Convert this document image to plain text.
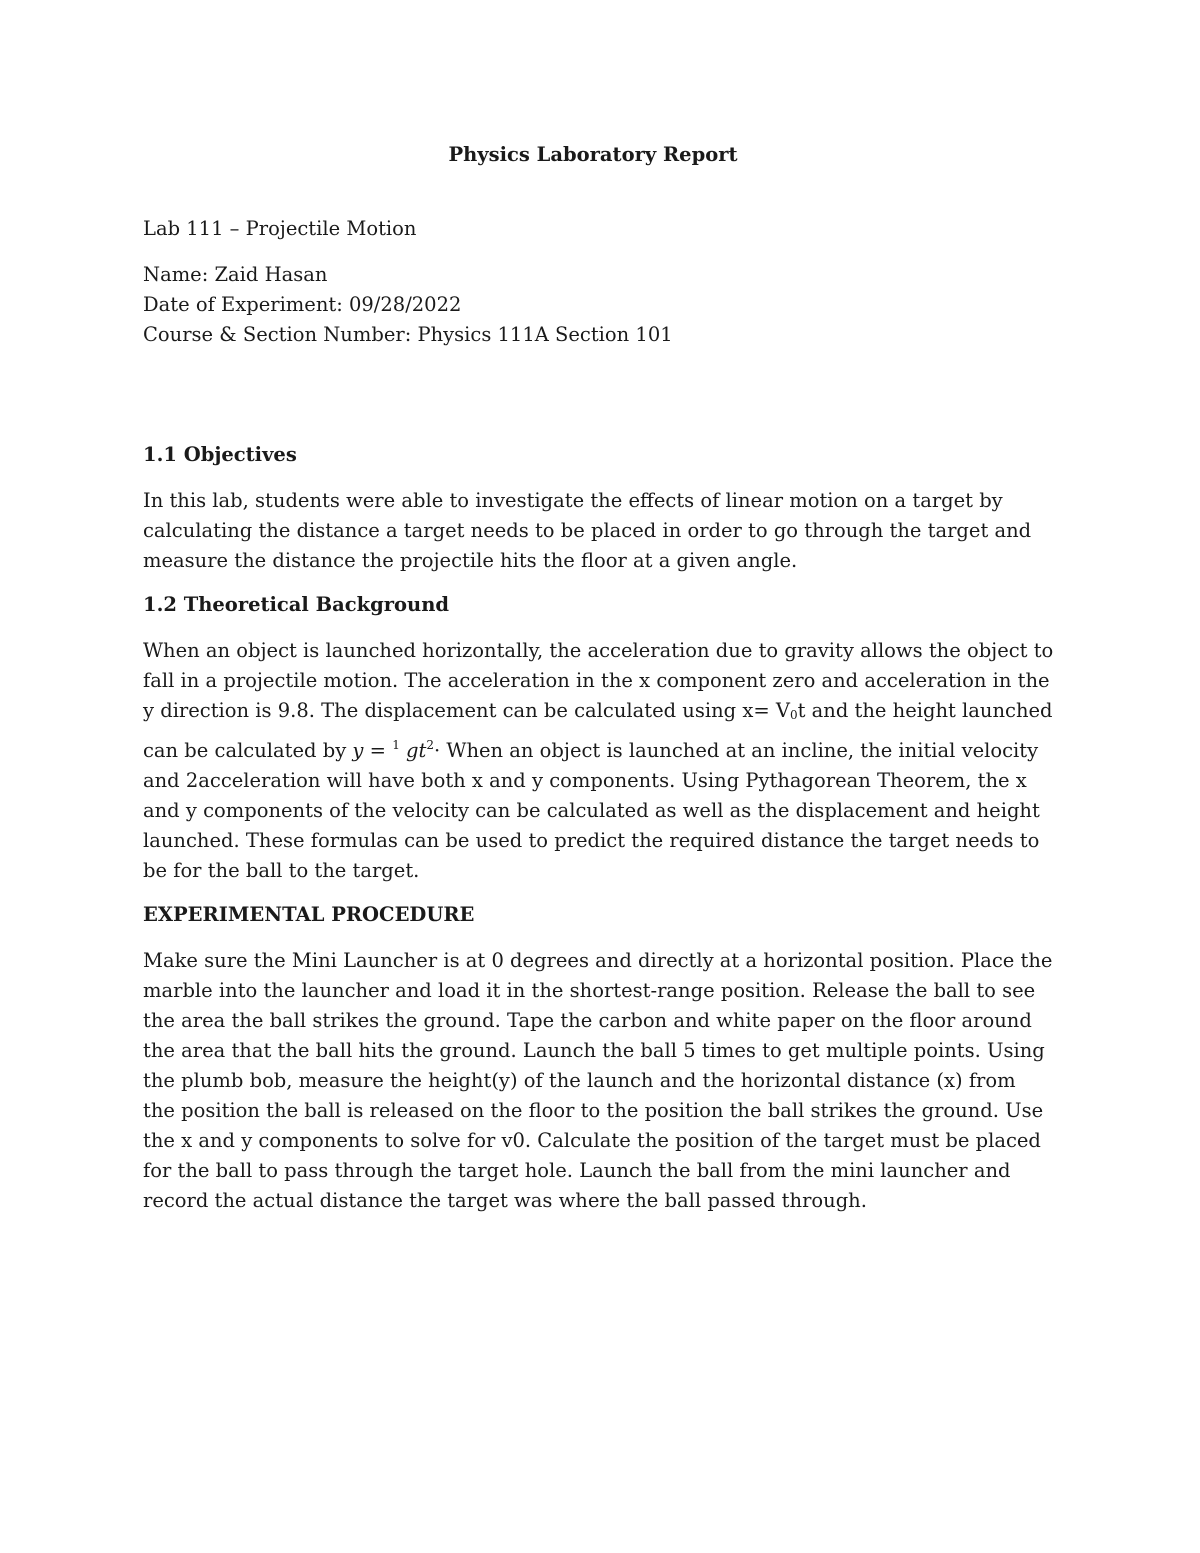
Physics Laboratory Report

Lab 111 – Projectile Motion

Name: Zaid Hasan

Date of Experiment: 09/28/2022

Course & Section Number: Physics 111A Section 101

1.1 Objectives

In this lab, students were able to investigate the effects of linear motion on a target by
calculating the distance a target needs to be placed in order to go through the target and
measure the distance the projectile hits the floor at a given angle.

1.2 Theoretical Background

When an object is launched horizontally, the acceleration due to gravity allows the object to
fall in a projectile motion. The acceleration in the x component zero and acceleration in the
y direction is 9.8. The displacement can be calculated using x= V0t and the height launched
can be calculated by y = $^1$ $gt^2\cdot$ When an object is launched at an incline, the initial velocity
and 2acceleration will have both x and y components. Using Pythagorean Theorem, the x
and y components of the velocity can be calculated as well as the displacement and height
launched. These formulas can be used to predict the required distance the target needs to
be for the ball to the target.

EXPERIMENTAL PROCEDURE

Make sure the Mini Launcher is at 0 degrees and directly at a horizontal position. Place the
marble into the launcher and load it in the shortest-range position. Release the ball to see
the area the ball strikes the ground. Tape the carbon and white paper on the floor around
the area that the ball hits the ground. Launch the ball 5 times to get multiple points. Using
the plumb bob, measure the height(y) of the launch and the horizontal distance (x) from
the position the ball is released on the floor to the position the ball strikes the ground. Use
the x and y components to solve for v0. Calculate the position of the target must be placed
for the ball to pass through the target hole. Launch the ball from the mini launcher and
record the actual distance the target was where the ball passed through.
